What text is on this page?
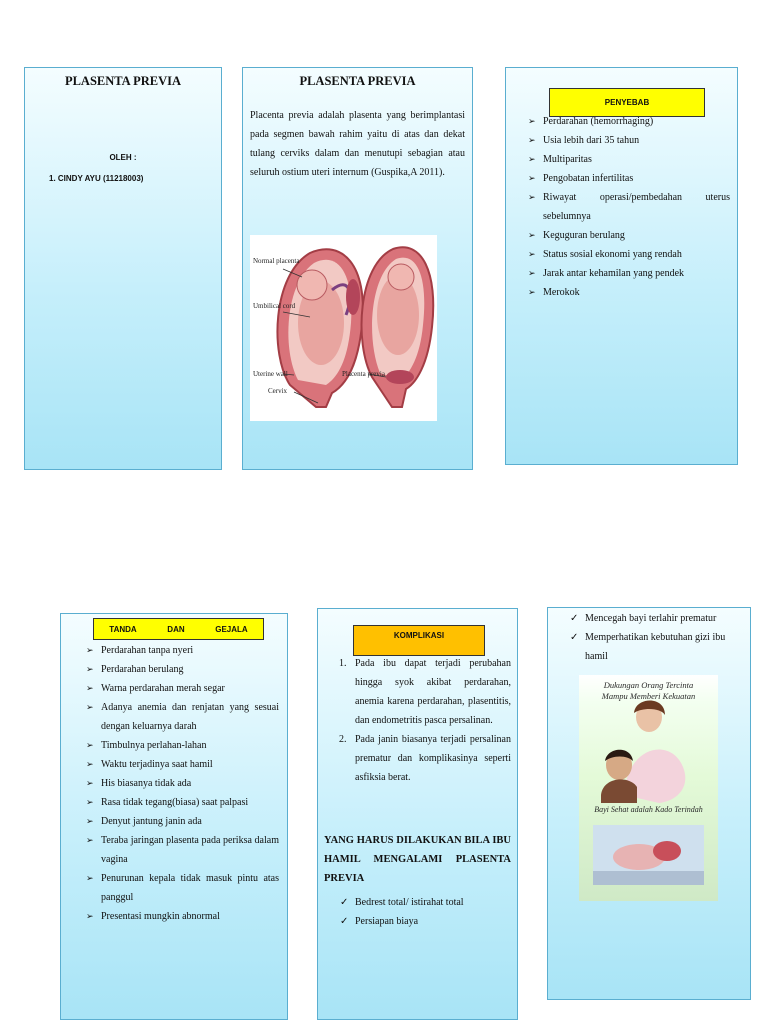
PLASENTA PREVIA
OLEH :
1. CINDY AYU (11218003)
PLASENTA PREVIA
Placenta previa adalah plasenta yang berimplantasi pada segmen bawah rahim yaitu di atas dan dekat tulang cerviks dalam dan menutupi sebagian atau seluruh ostium uteri internum (Guspika,A 2011).
Normal placenta
Umbilical cord
Uterine wall
Cervix
Placenta previa
PENYEBAB
➢ Perdarahan (hemorrhaging)
➢ Usia lebih dari 35 tahun
➢ Multiparitas
➢ Pengobatan infertilitas
➢ Riwayat operasi/pembedahan uterus sebelumnya
➢ Keguguran berulang
➢ Status sosial ekonomi yang rendah
➢ Jarak antar kehamilan yang pendek
➢ Merokok
TANDA	DAN	GEJALA
➢ Perdarahan tanpa nyeri
➢ Perdarahan berulang
➢ Warna perdarahan merah segar
➢ Adanya anemia dan renjatan yang sesuai dengan keluarnya darah
➢ Timbulnya perlahan-lahan
➢ Waktu terjadinya saat hamil
➢ His biasanya tidak ada
➢ Rasa tidak tegang(biasa) saat palpasi
➢ Denyut jantung janin ada
➢ Teraba jaringan plasenta pada periksa dalam vagina
➢ Penurunan kepala tidak masuk pintu atas panggul
➢ Presentasi mungkin abnormal
KOMPLIKASI
1. Pada ibu dapat terjadi perubahan hingga syok akibat perdarahan, anemia karena perdarahan, plasentitis, dan endometritis pasca persalinan.
2. Pada janin biasanya terjadi persalinan prematur dan komplikasinya seperti asfiksia berat.
YANG HARUS DILAKUKAN BILA IBU HAMIL MENGALAMI PLASENTA PREVIA
✓ Bedrest total/ istirahat total
✓ Persiapan biaya
✓ Mencegah bayi terlahir prematur
✓ Memperhatikan kebutuhan gizi ibu hamil
Dukungan Orang Tercinta
Mampu Memberi Kekuatan
Bayi Sehat adalah Kado Terindah
